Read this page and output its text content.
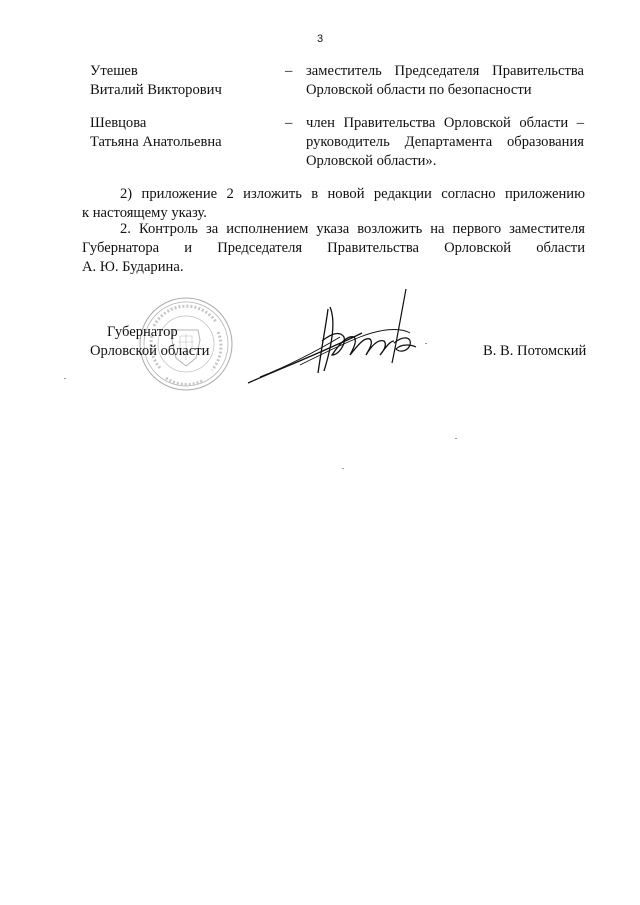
3
Утешев
Виталий Викторович
– заместитель Председателя Правительства
Орловской области по безопасности
Шевцова
Татьяна Анатольевна
– член Правительства Орловской области –
руководитель Департамента образования
Орловской области».
2) приложение 2 изложить в новой редакции согласно приложению
к настоящему указу.
2. Контроль за исполнением указа возложить на первого заместителя
Губернатора и Председателя Правительства Орловской области
А. Ю. Бударина.
Губернатор
Орловской области	В. В. Потомский
